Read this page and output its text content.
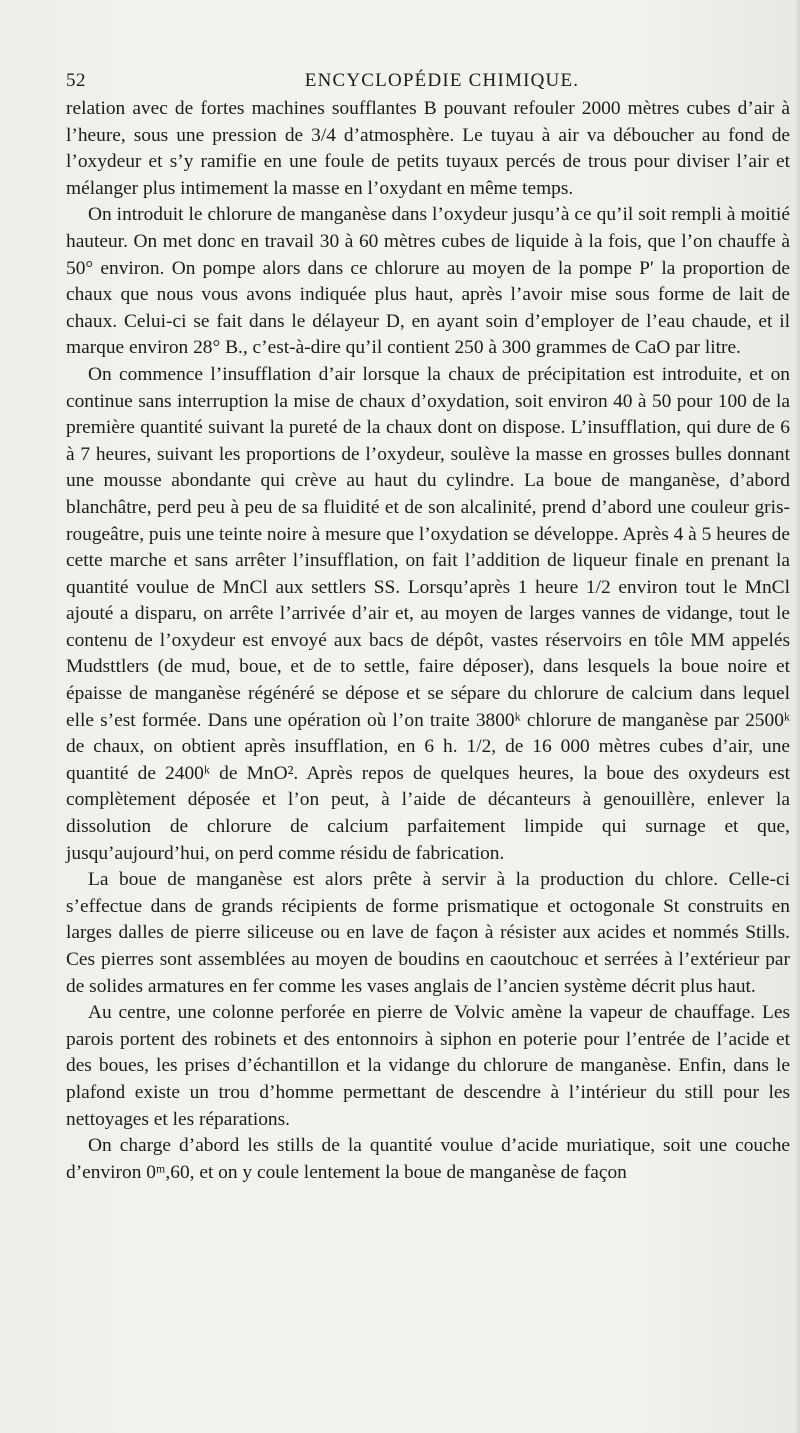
52	ENCYCLOPÉDIE CHIMIQUE.

relation avec de fortes machines soufflantes B pouvant refouler 2000 mètres cubes d’air à l’heure, sous une pression de 3/4 d’atmosphère. Le tuyau à air va déboucher au fond de l’oxydeur et s’y ramifie en une foule de petits tuyaux percés de trous pour diviser l’air et mélanger plus intimement la masse en l’oxydant en même temps.

On introduit le chlorure de manganèse dans l’oxydeur jusqu’à ce qu’il soit rempli à moitié hauteur. On met donc en travail 30 à 60 mètres cubes de liquide à la fois, que l’on chauffe à 50° environ. On pompe alors dans ce chlorure au moyen de la pompe P′ la proportion de chaux que nous vous avons indiquée plus haut, après l’avoir mise sous forme de lait de chaux. Celui-ci se fait dans le délayeur D, en ayant soin d’employer de l’eau chaude, et il marque environ 28° B., c’est-à-dire qu’il contient 250 à 300 grammes de CaO par litre.

On commence l’insufflation d’air lorsque la chaux de précipitation est introduite, et on continue sans interruption la mise de chaux d’oxydation, soit environ 40 à 50 pour 100 de la première quantité suivant la pureté de la chaux dont on dispose. L’insufflation, qui dure de 6 à 7 heures, suivant les proportions de l’oxydeur, soulève la masse en grosses bulles donnant une mousse abondante qui crève au haut du cylindre. La boue de manganèse, d’abord blanchâtre, perd peu à peu de sa fluidité et de son alcalinité, prend d’abord une couleur gris-rougeâtre, puis une teinte noire à mesure que l’oxydation se développe. Après 4 à 5 heures de cette marche et sans arrêter l’insufflation, on fait l’addition de liqueur finale en prenant la quantité voulue de MnCl aux settlers SS. Lorsqu’après 1 heure 1/2 environ tout le MnCl ajouté a disparu, on arrête l’arrivée d’air et, au moyen de larges vannes de vidange, tout le contenu de l’oxydeur est envoyé aux bacs de dépôt, vastes réservoirs en tôle MM appelés Mudsttlers (de mud, boue, et de to settle, faire déposer), dans lesquels la boue noire et épaisse de manganèse régénéré se dépose et se sépare du chlorure de calcium dans lequel elle s’est formée. Dans une opération où l’on traite 3800ᵏ chlorure de manganèse par 2500ᵏ de chaux, on obtient après insufflation, en 6 h. 1/2, de 16 000 mètres cubes d’air, une quantité de 2400ᵏ de MnO². Après repos de quelques heures, la boue des oxydeurs est complètement déposée et l’on peut, à l’aide de décanteurs à genouillère, enlever la dissolution de chlorure de calcium parfaitement limpide qui surnage et que, jusqu’aujourd’hui, on perd comme résidu de fabrication.

La boue de manganèse est alors prête à servir à la production du chlore. Celle-ci s’effectue dans de grands récipients de forme prismatique et octogonale St construits en larges dalles de pierre siliceuse ou en lave de façon à résister aux acides et nommés Stills. Ces pierres sont assemblées au moyen de boudins en caoutchouc et serrées à l’extérieur par de solides armatures en fer comme les vases anglais de l’ancien système décrit plus haut.

Au centre, une colonne perforée en pierre de Volvic amène la vapeur de chauffage. Les parois portent des robinets et des entonnoirs à siphon en poterie pour l’entrée de l’acide et des boues, les prises d’échantillon et la vidange du chlorure de manganèse. Enfin, dans le plafond existe un trou d’homme permettant de descendre à l’intérieur du still pour les nettoyages et les réparations.

On charge d’abord les stills de la quantité voulue d’acide muriatique, soit une couche d’environ 0ᵐ,60, et on y coule lentement la boue de manganèse de façon
